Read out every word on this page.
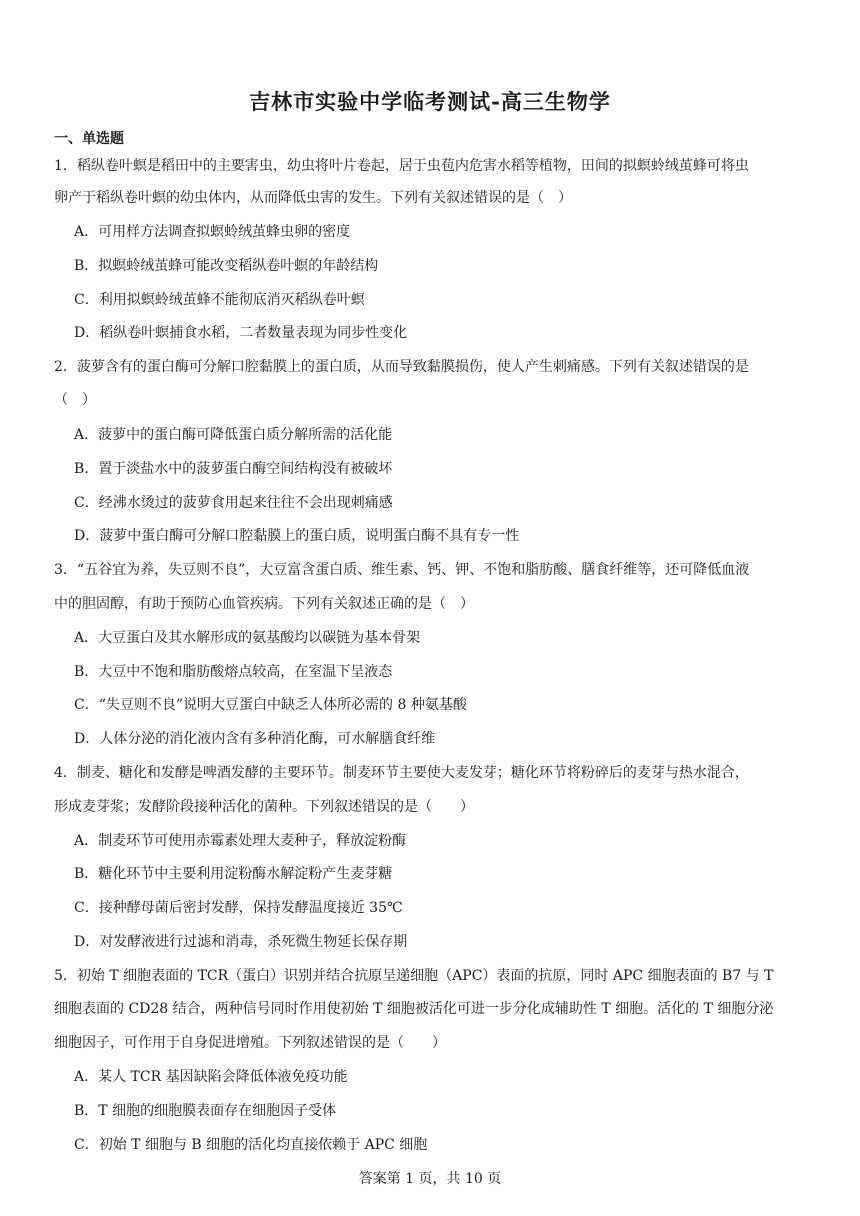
吉林市实验中学临考测试-高三生物学
一、单选题
1．稻纵卷叶螟是稻田中的主要害虫，幼虫将叶片卷起，居于虫苞内危害水稻等植物，田间的拟螟蛉绒茧蜂可将虫
卵产于稻纵卷叶螟的幼虫体内，从而降低虫害的发生。下列有关叙述错误的是（　）
A．可用样方法调查拟螟蛉绒茧蜂虫卵的密度
B．拟螟蛉绒茧蜂可能改变稻纵卷叶螟的年龄结构
C．利用拟螟蛉绒茧蜂不能彻底消灭稻纵卷叶螟
D．稻纵卷叶螟捕食水稻，二者数量表现为同步性变化
2．菠萝含有的蛋白酶可分解口腔黏膜上的蛋白质，从而导致黏膜损伤，使人产生刺痛感。下列有关叙述错误的是
（　）
A．菠萝中的蛋白酶可降低蛋白质分解所需的活化能
B．置于淡盐水中的菠萝蛋白酶空间结构没有被破坏
C．经沸水烫过的菠萝食用起来往往不会出现刺痛感
D．菠萝中蛋白酶可分解口腔黏膜上的蛋白质，说明蛋白酶不具有专一性
3．“五谷宜为养，失豆则不良”，大豆富含蛋白质、维生素、钙、钾、不饱和脂肪酸、膳食纤维等，还可降低血液
中的胆固醇，有助于预防心血管疾病。下列有关叙述正确的是（　）
A．大豆蛋白及其水解形成的氨基酸均以碳链为基本骨架
B．大豆中不饱和脂肪酸熔点较高，在室温下呈液态
C．“失豆则不良”说明大豆蛋白中缺乏人体所必需的 8 种氨基酸
D．人体分泌的消化液内含有多种消化酶，可水解膳食纤维
4．制麦、糖化和发酵是啤酒发酵的主要环节。制麦环节主要使大麦发芽；糖化环节将粉碎后的麦芽与热水混合，
形成麦芽浆；发酵阶段接种活化的菌种。下列叙述错误的是（　　）
A．制麦环节可使用赤霉素处理大麦种子，释放淀粉酶
B．糖化环节中主要利用淀粉酶水解淀粉产生麦芽糖
C．接种酵母菌后密封发酵，保持发酵温度接近 35℃
D．对发酵液进行过滤和消毒，杀死微生物延长保存期
5．初始 T 细胞表面的 TCR（蛋白）识别并结合抗原呈递细胞（APC）表面的抗原，同时 APC 细胞表面的 B7 与 T
细胞表面的 CD28 结合，两种信号同时作用使初始 T 细胞被活化可进一步分化成辅助性 T 细胞。活化的 T 细胞分泌
细胞因子，可作用于自身促进增殖。下列叙述错误的是（　　）
A．某人 TCR 基因缺陷会降低体液免疫功能
B．T 细胞的细胞膜表面存在细胞因子受体
C．初始 T 细胞与 B 细胞的活化均直接依赖于 APC 细胞
答案第 1 页，共 10 页
